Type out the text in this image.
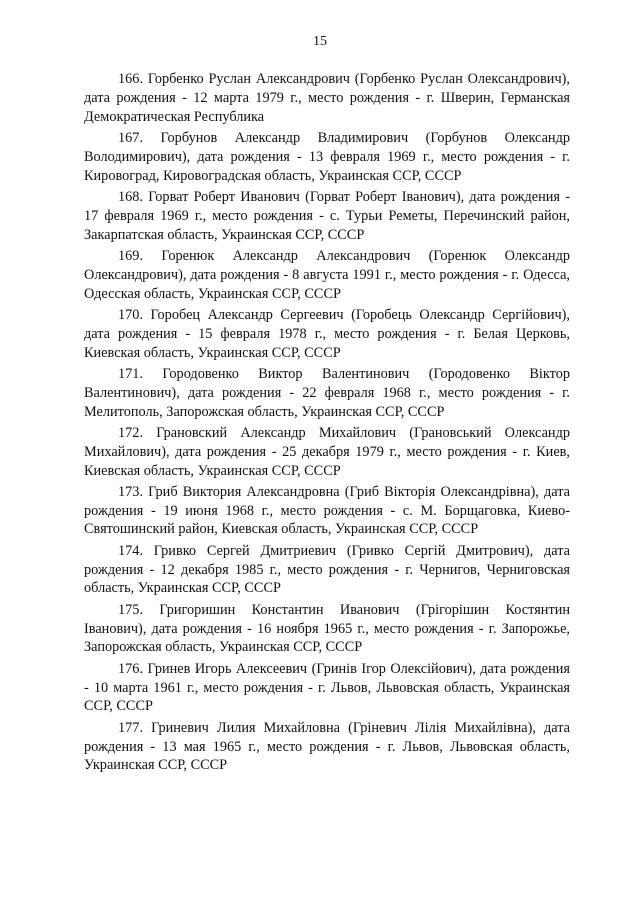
15

166. Горбенко Руслан Александрович (Горбенко Руслан Олександрович), дата рождения - 12 марта 1979 г., место рождения - г. Шверин, Германская Демократическая Республика

167. Горбунов Александр Владимирович (Горбунов Олександр Володимирович), дата рождения - 13 февраля 1969 г., место рождения - г. Кировоград, Кировоградская область, Украинская ССР, СССР

168. Горват Роберт Иванович (Горват Роберт Іванович), дата рождения - 17 февраля 1969 г., место рождения - с. Турьи Реметы, Перечинский район, Закарпатская область, Украинская ССР, СССР

169. Горенюк Александр Александрович (Горенюк Олександр Олександрович), дата рождения - 8 августа 1991 г., место рождения - г. Одесса, Одесская область, Украинская ССР, СССР

170. Горобец Александр Сергеевич (Горобець Олександр Сергійович), дата рождения - 15 февраля 1978 г., место рождения - г. Белая Церковь, Киевская область, Украинская ССР, СССР

171. Городовенко Виктор Валентинович (Городовенко Віктор Валентинович), дата рождения - 22 февраля 1968 г., место рождения - г. Мелитополь, Запорожская область, Украинская ССР, СССР

172. Грановский Александр Михайлович (Грановський Олександр Михайлович), дата рождения - 25 декабря 1979 г., место рождения - г. Киев, Киевская область, Украинская ССР, СССР

173. Гриб Виктория Александровна (Гриб Вікторія Олександрівна), дата рождения - 19 июня 1968 г., место рождения - с. М. Борщаговка, Киево-Святошинский район, Киевская область, Украинская ССР, СССР

174. Гривко Сергей Дмитриевич (Гривко Сергій Дмитрович), дата рождения - 12 декабря 1985 г., место рождения - г. Чернигов, Черниговская область, Украинская ССР, СССР

175. Григоришин Константин Иванович (Грігорішин Костянтин Іванович), дата рождения - 16 ноября 1965 г., место рождения - г. Запорожье, Запорожская область, Украинская ССР, СССР

176. Гринев Игорь Алексеевич (Гринів Ігор Олексійович), дата рождения - 10 марта 1961 г., место рождения - г. Львов, Львовская область, Украинская ССР, СССР

177. Гриневич Лилия Михайловна (Гріневич Лілія Михайлівна), дата рождения - 13 мая 1965 г., место рождения - г. Львов, Львовская область, Украинская ССР, СССР
